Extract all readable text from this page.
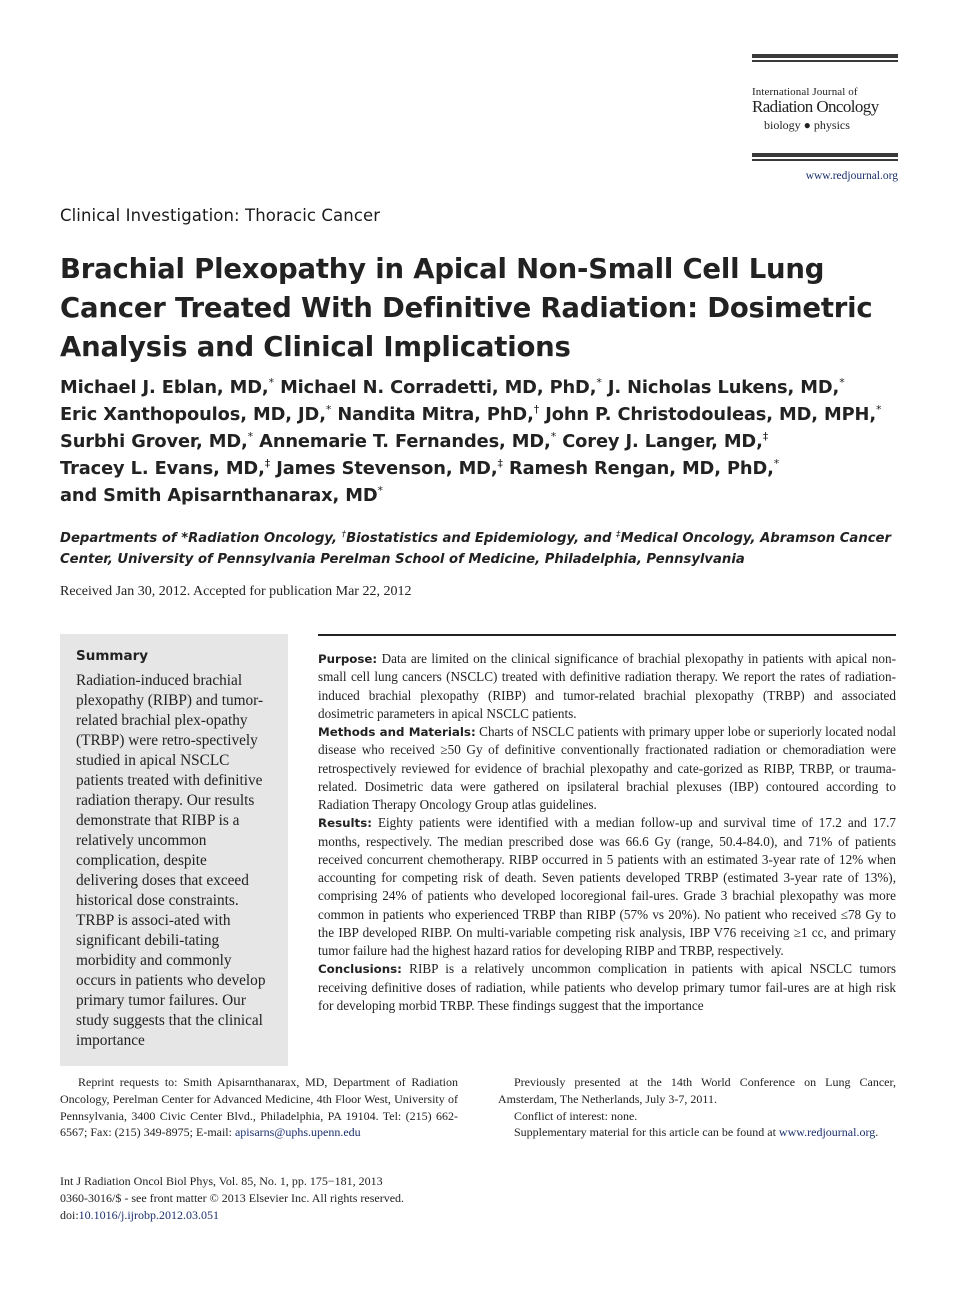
International Journal of
Radiation Oncology
biology ● physics
www.redjournal.org
Clinical Investigation: Thoracic Cancer
Brachial Plexopathy in Apical Non-Small Cell Lung Cancer Treated With Definitive Radiation: Dosimetric Analysis and Clinical Implications
Michael J. Eblan, MD,* Michael N. Corradetti, MD, PhD,* J. Nicholas Lukens, MD,*
Eric Xanthopoulos, MD, JD,* Nandita Mitra, PhD,† John P. Christodouleas, MD, MPH,*
Surbhi Grover, MD,* Annemarie T. Fernandes, MD,* Corey J. Langer, MD,‡
Tracey L. Evans, MD,‡ James Stevenson, MD,‡ Ramesh Rengan, MD, PhD,*
and Smith Apisarnthanarax, MD*
Departments of *Radiation Oncology, †Biostatistics and Epidemiology, and ‡Medical Oncology, Abramson Cancer Center, University of Pennsylvania Perelman School of Medicine, Philadelphia, Pennsylvania
Received Jan 30, 2012. Accepted for publication Mar 22, 2012
Summary
Radiation-induced brachial plexopathy (RIBP) and tumor-related brachial plex-opathy (TRBP) were retro-spectively studied in apical NSCLC patients treated with definitive radiation therapy. Our results demonstrate that RIBP is a relatively uncommon complication, despite delivering doses that exceed historical dose constraints. TRBP is associ-ated with significant debili-tating morbidity and commonly occurs in patients who develop primary tumor failures. Our study suggests that the clinical importance

Purpose: Data are limited on the clinical significance of brachial plexopathy in patients with apical non-small cell lung cancers (NSCLC) treated with definitive radiation therapy. We report the rates of radiation-induced brachial plexopathy (RIBP) and tumor-related brachial plexopathy (TRBP) and associated dosimetric parameters in apical NSCLC patients.

Methods and Materials: Charts of NSCLC patients with primary upper lobe or superiorly located nodal disease who received ≥50 Gy of definitive conventionally fractionated radiation or chemoradiation were retrospectively reviewed for evidence of brachial plexopathy and cate-gorized as RIBP, TRBP, or trauma-related. Dosimetric data were gathered on ipsilateral brachial plexuses (IBP) contoured according to Radiation Therapy Oncology Group atlas guidelines.

Results: Eighty patients were identified with a median follow-up and survival time of 17.2 and 17.7 months, respectively. The median prescribed dose was 66.6 Gy (range, 50.4-84.0), and 71% of patients received concurrent chemotherapy. RIBP occurred in 5 patients with an estimated 3-year rate of 12% when accounting for competing risk of death. Seven patients developed TRBP (estimated 3-year rate of 13%), comprising 24% of patients who developed locoregional fail-ures. Grade 3 brachial plexopathy was more common in patients who experienced TRBP than RIBP (57% vs 20%). No patient who received ≤78 Gy to the IBP developed RIBP. On multi-variable competing risk analysis, IBP V76 receiving ≥1 cc, and primary tumor failure had the highest hazard ratios for developing RIBP and TRBP, respectively.

Conclusions: RIBP is a relatively uncommon complication in patients with apical NSCLC tumors receiving definitive doses of radiation, while patients who develop primary tumor fail-ures are at high risk for developing morbid TRBP. These findings suggest that the importance

Reprint requests to: Smith Apisarnthanarax, MD, Department of Radiation Oncology, Perelman Center for Advanced Medicine, 4th Floor West, University of Pennsylvania, 3400 Civic Center Blvd., Philadelphia, PA 19104. Tel: (215) 662-6567; Fax: (215) 349-8975; E-mail: apisarns@uphs.upenn.edu

Previously presented at the 14th World Conference on Lung Cancer, Amsterdam, The Netherlands, July 3-7, 2011.

Conflict of interest: none.

Supplementary material for this article can be found at www.redjournal.org.

Int J Radiation Oncol Biol Phys, Vol. 85, No. 1, pp. 175−181, 2013
0360-3016/$ - see front matter © 2013 Elsevier Inc. All rights reserved.
doi:10.1016/j.ijrobp.2012.03.051
